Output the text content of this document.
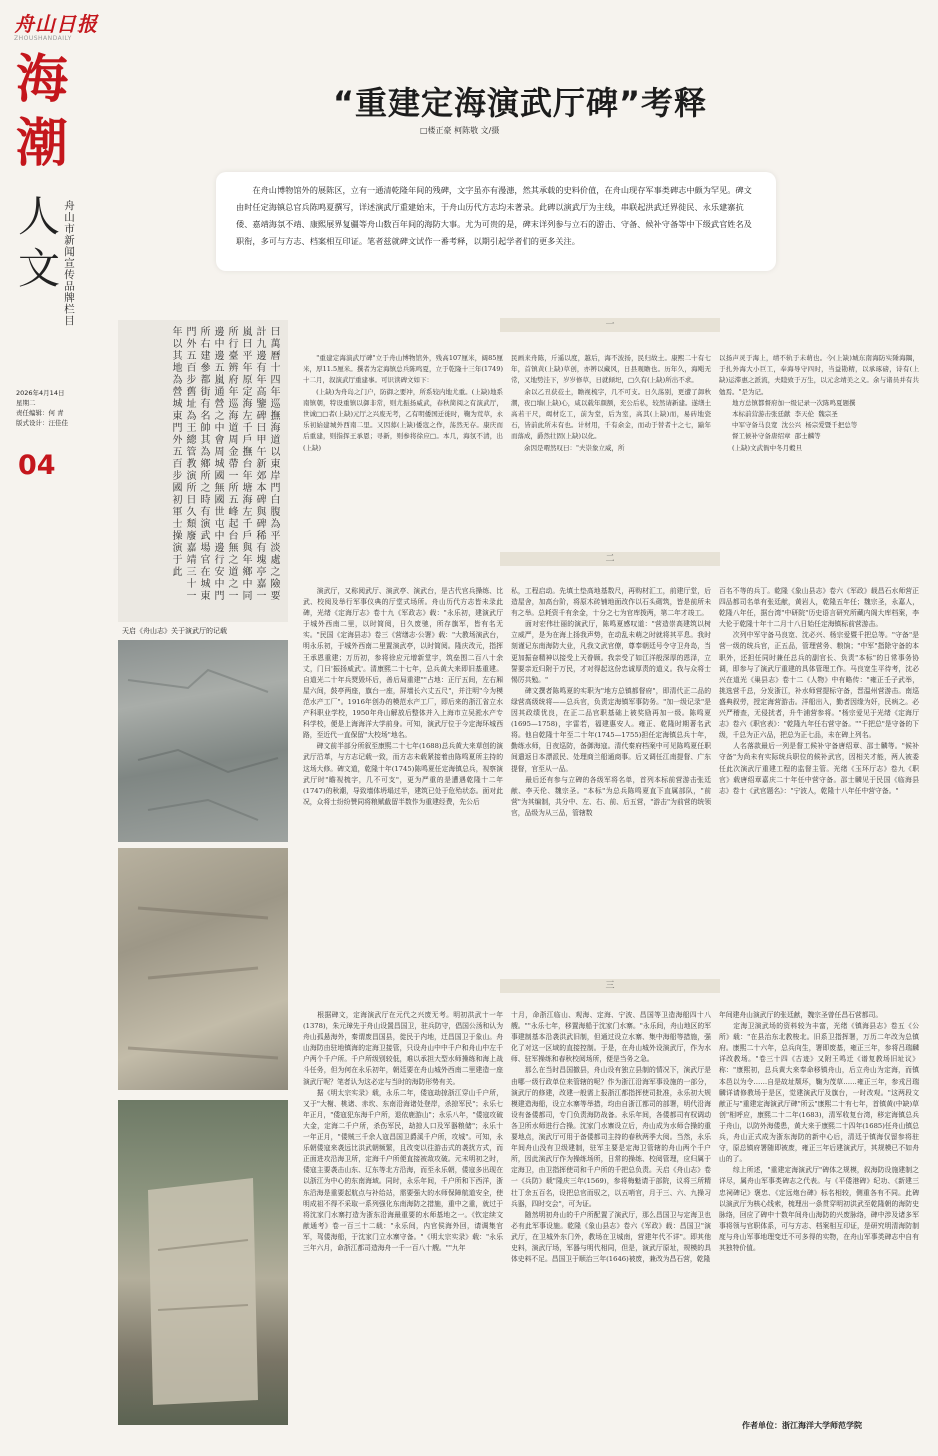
舟山日报
ZHOUSHANDAILY
海
潮
人
文 舟山市新闻宣传品牌栏目
2026年4月14日
星期二
责任编辑：何 青
版式设计：汪佳佳
04
“重建定海演武厅碑”考释
□楼正豪 柯陈敬 文/摄

在舟山博物馆外的展陈区，立有一通清乾隆年间的残碑，文字虽亦有漫漶，然其承载的史料价值，在舟山现存军事类碑志中颇为罕见。碑文由时任定海镇总官兵陈鸣夏撰写，详述演武厅重建始末，于舟山历代方志均未著录。此碑以演武厅为主线，串联起洪武迁界徙民、永乐建寨抗倭、嘉靖海氛不靖、康熙展界复疆等舟山数百年间的海防大事。尤为可贵的是，碑末详列参与立石的游击、守备、候补守备等中下级武官姓名及职衔，多可与方志、档案相互印证。笔者兹就碑文试作一番考释，以期引起学者们的更多关注。

曰萬曆十四年巡撫海道以東岸門白腹為平淡處之險要計九邊有年高鑒碑曰甲午新郊本碑與碑稀有塊亭嘉一嵐曰平年原定海左千戶撫台年塘海左千戶與年鄉中同所行臺辨府年巡海道周金帶一所五峰起台無之道之一邊中邊五嵐通營之中會周城國無國世屯中邊行安中門所右建參都街有名帥其為鄉所之時有演武場官在城東門外五百步舊址為王總管教演所日久頹廢嘉靖三十一年以其地為營城東門外五百步國初軍士操演于此
天启《舟山志》关于演武厅的记载
一
二
三
　　"重建定海演武厅碑"立于舟山博物馆外，残高107厘米，阔85厘米，厚11.5厘米。撰者为定海镇总兵陈鸣夏，立于乾隆十三年(1749)十二月，叙演武厅重建事。可识读碑文如下：
　　(上缺)为舟岛之门户，防御之要冲，所系较内地尤重。(上缺)地系南镇朝，特设重镇以御非常，则尤振扬威武，春秋简阅之有演武厅，世诚□□者(上缺)元厅之兴废无考，乙有明倭国迁徙时，鞠为荒草，永乐初始建城外西南二里。又因募(上缺)倭寇之作，荡然无存。康庆而后重建，则指挥王承恩；寻新，则参将徐应□。本几，海氛不清，出(上缺)
民画来舟陈，斤遥以度，越后，海不波扬，民归故土。康熙二十有七年，首镇黄(上缺)草创，亦辨以藏风，日县观瞻也。历年久，海飓无常，又地势洼下，岁岁修草，日就倾圯，□久有(上缺)所出不求。
　　余以乙丑获莅土，瞻视梳字，几不可支。日久荡别，更遭了卸秋潮，夜□墙(上缺)心，咸以载年颜额，充公后私，较然请新建。遂缮土高若干尺，竭材讫工，前为堂，后为室，高其(上缺)而，易砖地瓷石，皆前此所未有也。计材用，千有余金，而动于替者十之七，踰年而落成，爵然壮固(上缺)以化。
　　余因是喟然叹曰："夫崇象立威，所
以扬声灵于海上，靖不轨于未萌也。今(上缺)城东南海防实陲海隅，于扎外海大小巨工，奉海导守四时，当益勘精，以承琢磅，诗有(上缺)运滞惠之派流，夫睦致于万生，以元念靖美之义。余与诸员并有共勉焉。"是为记。
　　地方总镇都督府加一级记录一次陈鸣夏题撰
　　本标前营游击张廷献  李天伦  魏宗圣
　　中军守备马良宽  沈公兴  杨宗爱暨千把总等
　　督工候补守备唐绍章  邵士麟等
　　(上缺)文武衙中冬月穀旦
　　演武厅，又称阅武厅、演武亭、演武台，是古代官兵操练、比武、校阅及举行军事仪典的厅堂式场所。舟山历代方志皆未录此碑，光绪《定海厅志》卷十九《军政志》载："永乐初，建演武厅于城外西南二里，以时简阅，日久废驰，所存旗军，皆有名无实。"民国《定海县志》卷三《营缮志·公署》载："大教场演武台，明永乐初，于城外西南二里置演武亭，以时简阅。隆庆改元，指挥王承恩重建；万历初，参将徐应元增新堂宇，筑垒围二百八十余丈，门曰'振扬威武'。清康熙二十七年，总兵黄大来即旧基重建。自道光二十年兵燹毁坏后，善后局重建""占地：正厅五间，左右厢屋六间，鼓亭两座，旗台一座，屏墙长六丈五尺"，并注明"今为模范水产工厂"。1916年创办的模范水产工厂，即后来的浙江省立水产科职业学校，1950年舟山解放后整体并入上海市立吴淞水产专科学校，便是上海海洋大学前身。可知，演武厅位于今定海环城西路，至近代一直保留"大校场"地名。
　　碑文前半部分所叙至康熙二十七年(1688)总兵黄大来草创的演武厅沿革，与方志记载一致，而方志未载紧接着由陈鸣夏所主持的这场大修。碑文道，乾隆十年(1745)陈鸣夏任定海镇总兵，视察演武厅时"瞻视梳字，几不可支"，更为严重的是遭遇乾隆十二年(1747)的秋潮，导致墙体坍塌过半，建筑已处于危殆状态。面对此况，众将士纷纷赞同将粮赋截留半数作为重建经费，先公后
私，工程启动。先填土垫高地基数尺，再购材汇工，前建厅堂，后造屋舍，加高台阶，将原木砖铺地面改作以石头砌筑，皆是前所未有之举。总耗资千有余金，十分之七为官库拨两，第二年才竣工。
　　面对宏伟壮丽的演武厅，陈鸣夏感叹道："营造崇高建筑以树立威严，是为在海上扬我声势，在动乱未萌之时就将其平息。我时刻谨记东南海防大业，凡我文武官僚，尊奉朝廷号令守卫舟岛，当更加振奋精神以接受上天眷顾。我亲受了如江洋般深厚的恩泽，立誓要亲近归附于万民，才对得起这份忠诚厚责的道义。我与众将士惕厉共勉。"
　　碑文撰者陈鸣夏的实职为"地方总镇都督府"，即清代正二品的绿营高级统将——总兵官，负责定海镇军事防务。"加一级记录"是因其政绩优良，在正二品官职基础上被奖励再加一级。陈鸣夏(1695—1758)，字雷若，福建惠安人。雍正、乾隆时期著名武将。他自乾隆十年至二十年(1745—1755)担任定海镇总兵十年，勤练水师，日夜巡防，备御海寇。清代秦府档案中可见陈鸣夏任职间遣返日本漂派民、处理商兰船通商事。后又调任江南提督、广东提督，官至从一品。
　　最后还有参与立碑的各级军将名单，首列本标前营游击张廷献、李天伦、魏宗圣。"本标"为总兵陈鸣夏直下直属部队，"前营"为其编制，共分中、左、右、前、后五营，"游击"为前营的统领官，品级为从三品，管辖数
百名不等的兵丁。乾隆《象山县志》卷六《军政》载昌石水师营正四品都司名单有张廷献，黄岩人，乾隆五年任；魏宗圣，永嘉人，乾隆八年任，据台湾"中研院"历史语言研究所藏内阁大库档案，李大伦于乾隆十年十二月十八日始任定海镇标前营游击。
　　次列中军守备马良宽、沈必兴、杨宗爱暨千把总等。"守备"是营一级的统兵官，正五品，管理营务、粮饷；"中军"指除守备的本职外，还担任同时兼任总兵的副官长、负责"本标"的日常事务协调，即参与了演武厅重建的具体管理工作。马良宽生平待考，沈必兴在道光《巢县志》卷十二《人物》中有略传："雍正壬子武举，挑选营千总，分发浙江，补水师营提标守备，晋温州营游击。南巡盛典叙劳，授定海营游击。洋船出入，勤者因缘为奸，民病之。必兴严稽查，无侵扰者，升牛浦营参将。"杨宗爱见于光绪《定海厅志》卷六《职官表》："乾隆九年任右营守备。""千把总"是守备的下级，千总为正六品，把总为正七品，未在碑上列名。
　　人名落款最后一列是督工候补守备唐绍章、邵士麟等。"候补守备"为尚未有实际统兵职位的候补武官，因相关才能，两人被委任此次演武厅重建工程的监督主管。光绪《玉环厅志》卷九《职官》载唐绍章嘉庆二十年任中营守备。邵士麟见于民国《临海县志》卷十《武官题名》："宁波人，乾隆十八年任中营守备。"
　　根据碑文，定海演武厅在元代之兴废无考。明初洪武十一年(1378)，朱元璋先于舟山设置昌国卫，驻兵防守，倡国公汤和认为舟山孤悬海外，秦谓废昌国县，徙民于内地，迁昌国卫于象山。舟山海防由驻地镇海的定海卫接管，只设舟山中中千户和舟山中左千户两个千户所。千户所级别较低，难以承担大型水师操练和海上战斗任务，但为何在永乐初年，朝廷要在舟山城外西南二里建造一座演武厅呢？笔者认为这必定与当时的海防形势有关。
　　据《明太宗实录》载，永乐二年，倭寇劫掠浙江穿山千户所，又于"大榭、桃诸、赤坎、东南沿海诸处登岸，杀掠军民"；永乐七年正月，"倭寇犯东海千户所，退依鹿游山"；永乐八年，"倭寇攻破大金，定海二千户所，杀伤军民，劫掠人口及军器粮储"；永乐十一年正月，"倭贼三千余人寇昌国卫爵溪千户所，攻城"。可知，永乐朝倭寇来袭远比洪武朝频繁，且改变以往游击式的袭扰方式，而正面进攻沿海卫所，定海千户所便直接被敌攻破。元末明初之时，倭寇主要袭击山东、辽东等北方沿海，而至永乐朝，倭寇多出现在以浙江为中心的东南海域。同时，永乐年间，千户所和下西洋，浙东沿海是重要起航点与补给站，需要强大的水师保障航道安全，使明成祖不得不采取一系列强化东南海防之措施，重中之重，就过于将沈家门水寨打造为浙东沿海最重要的水师基地之一。《钦定续文献通考》卷一百三十二载："永乐间，内官侯海外回，请调集官军，驾倭海船，于沈家门立水寨守备。"《明太宗实录》载："永乐三年六月，命浙江都司造海舟一千一百八十艘。""九年
十月，命浙江临山、观海、定海、宁波、昌国等卫造海船四十八艘。""永乐七年，移置海船于沈家门水寨。"永乐间，舟山地区的军事建制基本沿袭洪武旧制，但通过设立水寨、集中海船等措施，强化了对这一区域的直接控制。于是，在舟山城外设演武厅，作为水师、驻军操练和春秋校阅场所，便是当务之急。
　　那么在当时昌国撤县，舟山设有独立县制的情况下，演武厅是由哪一级行政单位来管辖的呢？作为浙江沿海军事设施的一部分，演武厅的修建，改建一般需上报浙江都指挥使司批准，永乐初大规模建造海船，设立水寨等举措，均由自浙江都司的部署，明代沿海设有备倭都司，专门负责海防战备。永乐年间，各倭都司有权调动各卫所水师进行合操。沈家门水寨设立后，舟山成为水师合操的重要地点，演武厅可用于备倭都司主持的春秋两季大阅。当然，永乐年间舟山没有卫级建制，驻军主要是定海卫管辖的舟山两个千户所，因此演武厅作为操练场所，日常的操练、校阅管理，应归属于定海卫，由卫指挥使司和千户所的千把总负责。天启《舟山志》卷一《兵防》载"隆庆三年(1569)，参将梅魁请于部院，议将三所精壮丁余五百名，设把总官而驭之，以五哨官，月于三、六、九操习兵器，四时交会"，可为证。
　　随然明初舟山的千户所配置了演武厅，那么昌国卫与定海卫也必有此军事设施。乾隆《象山县志》卷六《军政》载：昌国卫"演武厅，在卫城外东门外，教场在卫城南，营建年代不详"。即其他史料，演武厅场，军器与明代相同，但是，演武厅原址，规模的具体史料不足。昌国卫于顺治三年(1646)被废，兼改为昌石营，乾隆
年间建舟山演武厅的张廷献，魏宗圣曾任昌石营都司。
　　定海卫演武场的资料较为丰富，光绪《镇海县志》卷五《公所》载："在县治东北教梭北。旧系卫指挥署，万历二年改为总镇府。康熙二十六年，总兵向生，署即废基，雍正三年，参将吕瑞麟详改教场。"卷三十四《古迹》又附王鸣迁《谱复教场旧址议》称："康熙初，总兵黄大来奉命移镇舟山，后立舟山为定海，而镇本邑以为令……自是故址颓坏，鞠为茂草……雍正三年，参戎吕瑞麟详请修教场于是区，觉建演武厅及旗台，一时改观。"这两段文献正与"重建定海演武厅碑"所云"康熙二十有七年，首镇黄(中缺)草创"相呼应，康熙二十二年(1683)，清军收复台湾，移定海镇总兵于舟山，以防外海倭患，黄大来于康熙二十四年(1685)任舟山镇总兵，舟山正式成为浙东海防的新中心后，清廷于镇海仅留参将驻守，原总镇府署随即被废，雍正三年后建演武厅，其规模已不如舟山的了。
　　综上所述，"重建定海演武厅"碑体之规模，叙海防设施建制之详尽，属舟山军事类碑志之代表。与《平倭港碑》纪功、《新建三忠祠碑记》褒忠、《定远炮台碑》标名相较，侧重各有不同。此碑以演武厅为核心线索，梳理出一条贯穿明初洪武至乾隆朝的海防史脉络，回应了碑中十数年间舟山海防的兴废脉络，碑中涉及诸多军事将领与官职体系，可与方志、档案相互印证，是研究明清海防制度与舟山军事地理变迁不可多得的实物，在舟山军事类碑志中自有其独特价值。
作者单位：浙江海洋大学师范学院
